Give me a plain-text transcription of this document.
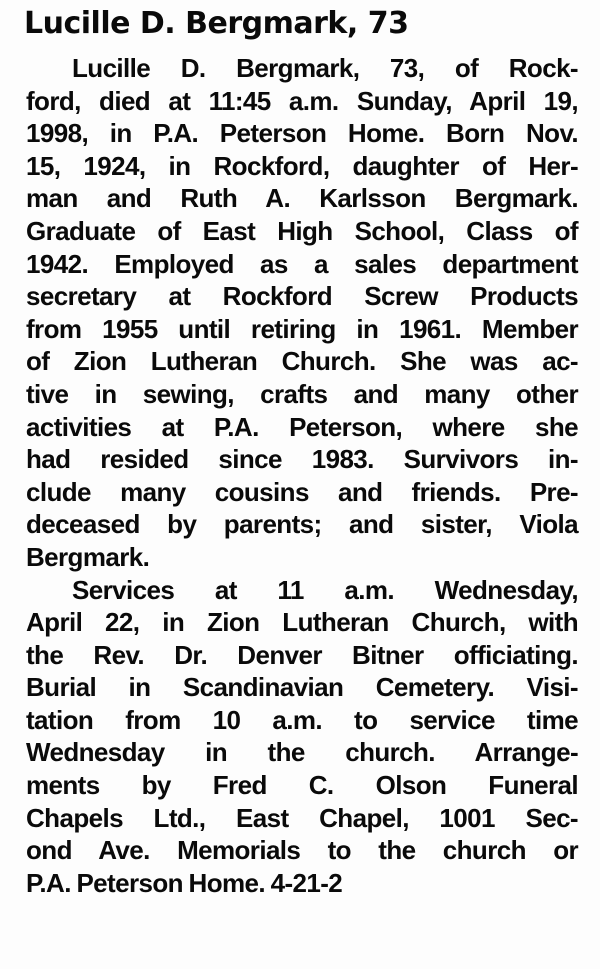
Lucille D. Bergmark, 73
Lucille D. Bergmark, 73, of Rock-
ford, died at 11:45 a.m. Sunday, April 19,
1998, in P.A. Peterson Home. Born Nov.
15, 1924, in Rockford, daughter of Her-
man and Ruth A. Karlsson Bergmark.
Graduate of East High School, Class of
1942. Employed as a sales department
secretary at Rockford Screw Products
from 1955 until retiring in 1961. Member
of Zion Lutheran Church. She was ac-
tive in sewing, crafts and many other
activities at P.A. Peterson, where she
had resided since 1983. Survivors in-
clude many cousins and friends. Pre-
deceased by parents; and sister, Viola
Bergmark.
Services at 11 a.m. Wednesday,
April 22, in Zion Lutheran Church, with
the Rev. Dr. Denver Bitner officiating.
Burial in Scandinavian Cemetery. Visi-
tation from 10 a.m. to service time
Wednesday in the church. Arrange-
ments by Fred C. Olson Funeral
Chapels Ltd., East Chapel, 1001 Sec-
ond Ave. Memorials to the church or
P.A. Peterson Home. 4-21-2
